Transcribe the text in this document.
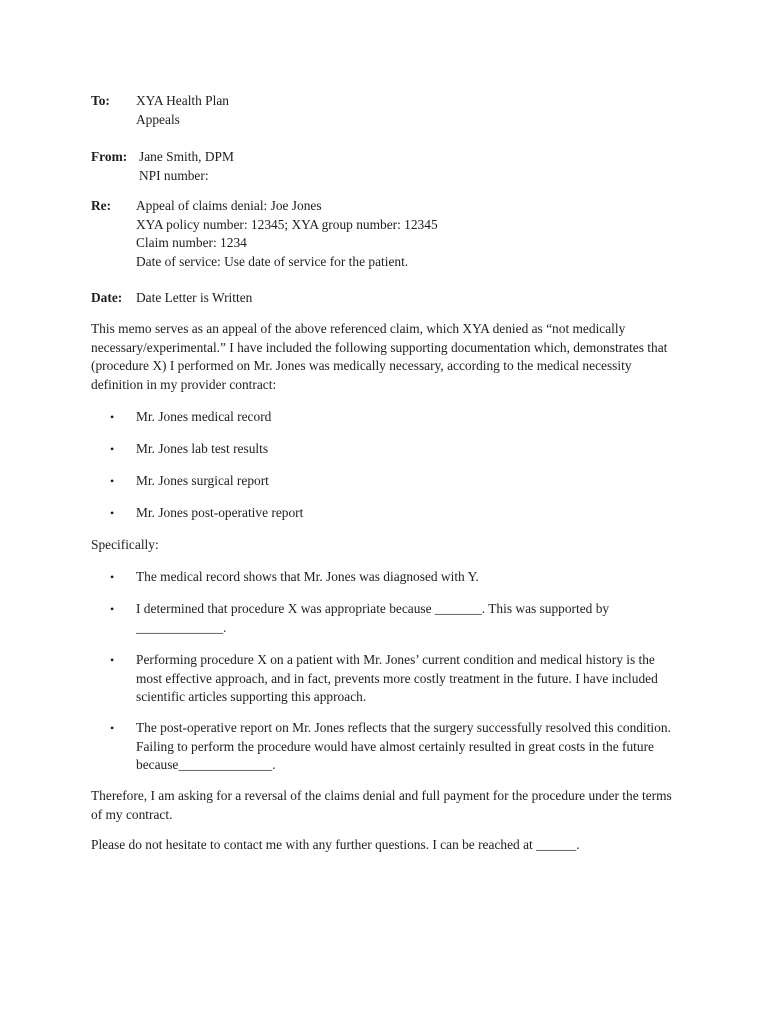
To: XYA Health Plan
Appeals
From: Jane Smith, DPM
NPI number:
Re: Appeal of claims denial: Joe Jones
XYA policy number: 12345; XYA group number: 12345
Claim number: 1234
Date of service: Use date of service for the patient.
Date: Date Letter is Written
This memo serves as an appeal of the above referenced claim, which XYA denied as “not medically
necessary/experimental.” I have included the following supporting documentation which, demonstrates that
(procedure X) I performed on Mr. Jones was medically necessary, according to the medical necessity
definition in my provider contract:
• Mr. Jones medical record
• Mr. Jones lab test results
• Mr. Jones surgical report
• Mr. Jones post-operative report
Specifically:
• The medical record shows that Mr. Jones was diagnosed with Y.
• I determined that procedure X was appropriate because _______. This was supported by
_____________.
• Performing procedure X on a patient with Mr. Jones’ current condition and medical history is the
most effective approach, and in fact, prevents more costly treatment in the future. I have included
scientific articles supporting this approach.
• The post-operative report on Mr. Jones reflects that the surgery successfully resolved this condition.
Failing to perform the procedure would have almost certainly resulted in great costs in the future
because______________.
Therefore, I am asking for a reversal of the claims denial and full payment for the procedure under the terms
of my contract.
Please do not hesitate to contact me with any further questions. I can be reached at ______.
